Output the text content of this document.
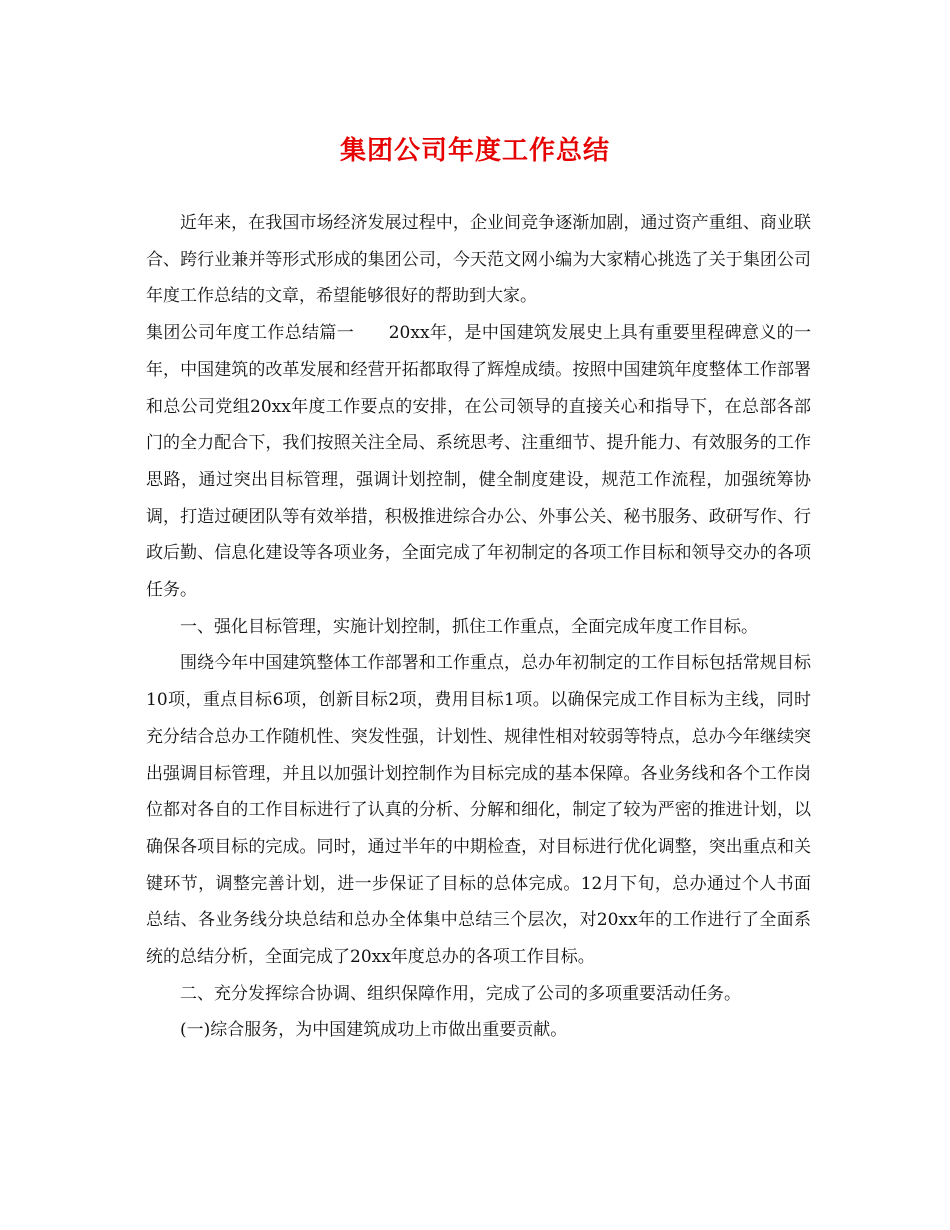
集团公司年度工作总结

近年来，在我国市场经济发展过程中，企业间竞争逐渐加剧，通过资产重组、商业联合、跨行业兼并等形式形成的集团公司，今天范文网小编为大家精心挑选了关于集团公司年度工作总结的文章，希望能够很好的帮助到大家。

集团公司年度工作总结篇一　　20xx年，是中国建筑发展史上具有重要里程碑意义的一年，中国建筑的改革发展和经营开拓都取得了辉煌成绩。按照中国建筑年度整体工作部署和总公司党组20xx年度工作要点的安排，在公司领导的直接关心和指导下，在总部各部门的全力配合下，我们按照关注全局、系统思考、注重细节、提升能力、有效服务的工作思路，通过突出目标管理，强调计划控制，健全制度建设，规范工作流程，加强统筹协调，打造过硬团队等有效举措，积极推进综合办公、外事公关、秘书服务、政研写作、行政后勤、信息化建设等各项业务，全面完成了年初制定的各项工作目标和领导交办的各项任务。

一、强化目标管理，实施计划控制，抓住工作重点，全面完成年度工作目标。

围绕今年中国建筑整体工作部署和工作重点，总办年初制定的工作目标包括常规目标10项，重点目标6项，创新目标2项，费用目标1项。以确保完成工作目标为主线，同时充分结合总办工作随机性、突发性强，计划性、规律性相对较弱等特点，总办今年继续突出强调目标管理，并且以加强计划控制作为目标完成的基本保障。各业务线和各个工作岗位都对各自的工作目标进行了认真的分析、分解和细化，制定了较为严密的推进计划，以确保各项目标的完成。同时，通过半年的中期检查，对目标进行优化调整，突出重点和关键环节，调整完善计划，进一步保证了目标的总体完成。12月下旬，总办通过个人书面总结、各业务线分块总结和总办全体集中总结三个层次，对20xx年的工作进行了全面系统的总结分析，全面完成了20xx年度总办的各项工作目标。

二、充分发挥综合协调、组织保障作用，完成了公司的多项重要活动任务。

(一)综合服务，为中国建筑成功上市做出重要贡献。
